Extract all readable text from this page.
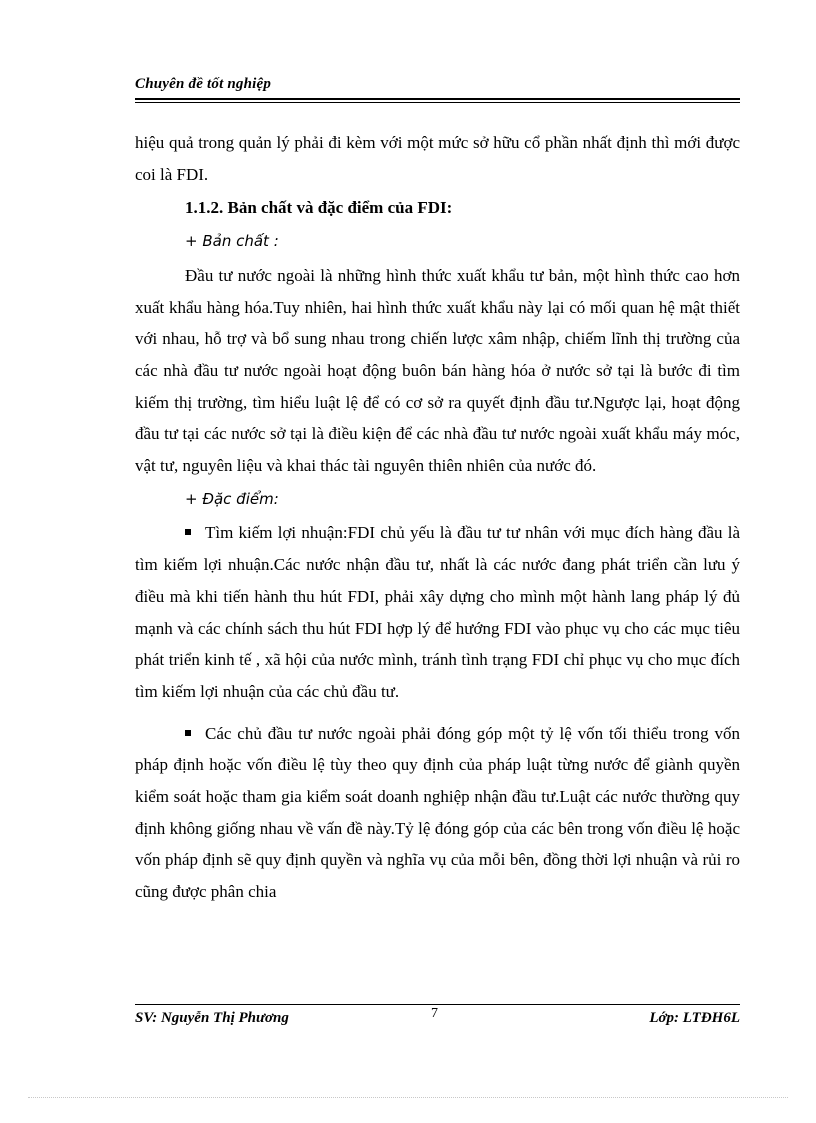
Chuyên đề tốt nghiệp

hiệu quả trong quản lý phải đi kèm với một mức sở hữu cổ phần nhất định thì mới được coi là FDI.

1.1.2. Bản chất và đặc điểm của FDI:

+ Bản chất :

Đầu tư nước ngoài là những hình thức xuất khẩu tư bản, một hình thức cao hơn xuất khẩu hàng hóa.Tuy nhiên, hai hình thức xuất khẩu này lại có mối quan hệ mật thiết với nhau, hỗ trợ và bổ sung nhau trong chiến lược xâm nhập, chiếm lĩnh thị trường của các nhà đầu tư nước ngoài hoạt động buôn bán hàng hóa ở nước sở tại là bước đi tìm kiếm thị trường, tìm hiểu luật lệ để có cơ sở ra quyết định đầu tư.Ngược lại, hoạt động đầu tư tại các nước sở tại là điều kiện để các nhà đầu tư nước ngoài xuất khẩu máy móc, vật tư, nguyên liệu và khai thác tài nguyên thiên nhiên của nước đó.

+ Đặc điểm:

Tìm kiếm lợi nhuận:FDI chủ yếu là đầu tư tư nhân với mục đích hàng đầu là tìm kiếm lợi nhuận.Các nước nhận đầu tư, nhất là các nước đang phát triển cần lưu ý điều mà khi tiến hành thu hút FDI, phải xây dựng cho mình một hành lang pháp lý đủ mạnh và các chính sách thu hút FDI hợp lý để hướng FDI vào phục vụ cho các mục tiêu phát triển kinh tế , xã hội của nước mình, tránh tình trạng FDI chỉ phục vụ cho mục đích tìm kiếm lợi nhuận của các chủ đầu tư.

Các chủ đầu tư nước ngoài phải đóng góp một tỷ lệ vốn tối thiểu trong vốn pháp định hoặc vốn điều lệ tùy theo quy định của pháp luật từng nước để giành quyền kiểm soát hoặc tham gia kiểm soát doanh nghiệp nhận đầu tư.Luật các nước thường quy định không giống nhau về vấn đề này.Tỷ lệ đóng góp của các bên trong vốn điều lệ hoặc vốn pháp định sẽ quy định quyền và nghĩa vụ của mỗi bên, đồng thời lợi nhuận và rủi ro cũng được phân chia

SV: Nguyễn Thị Phương	7	Lớp: LTĐH6L
